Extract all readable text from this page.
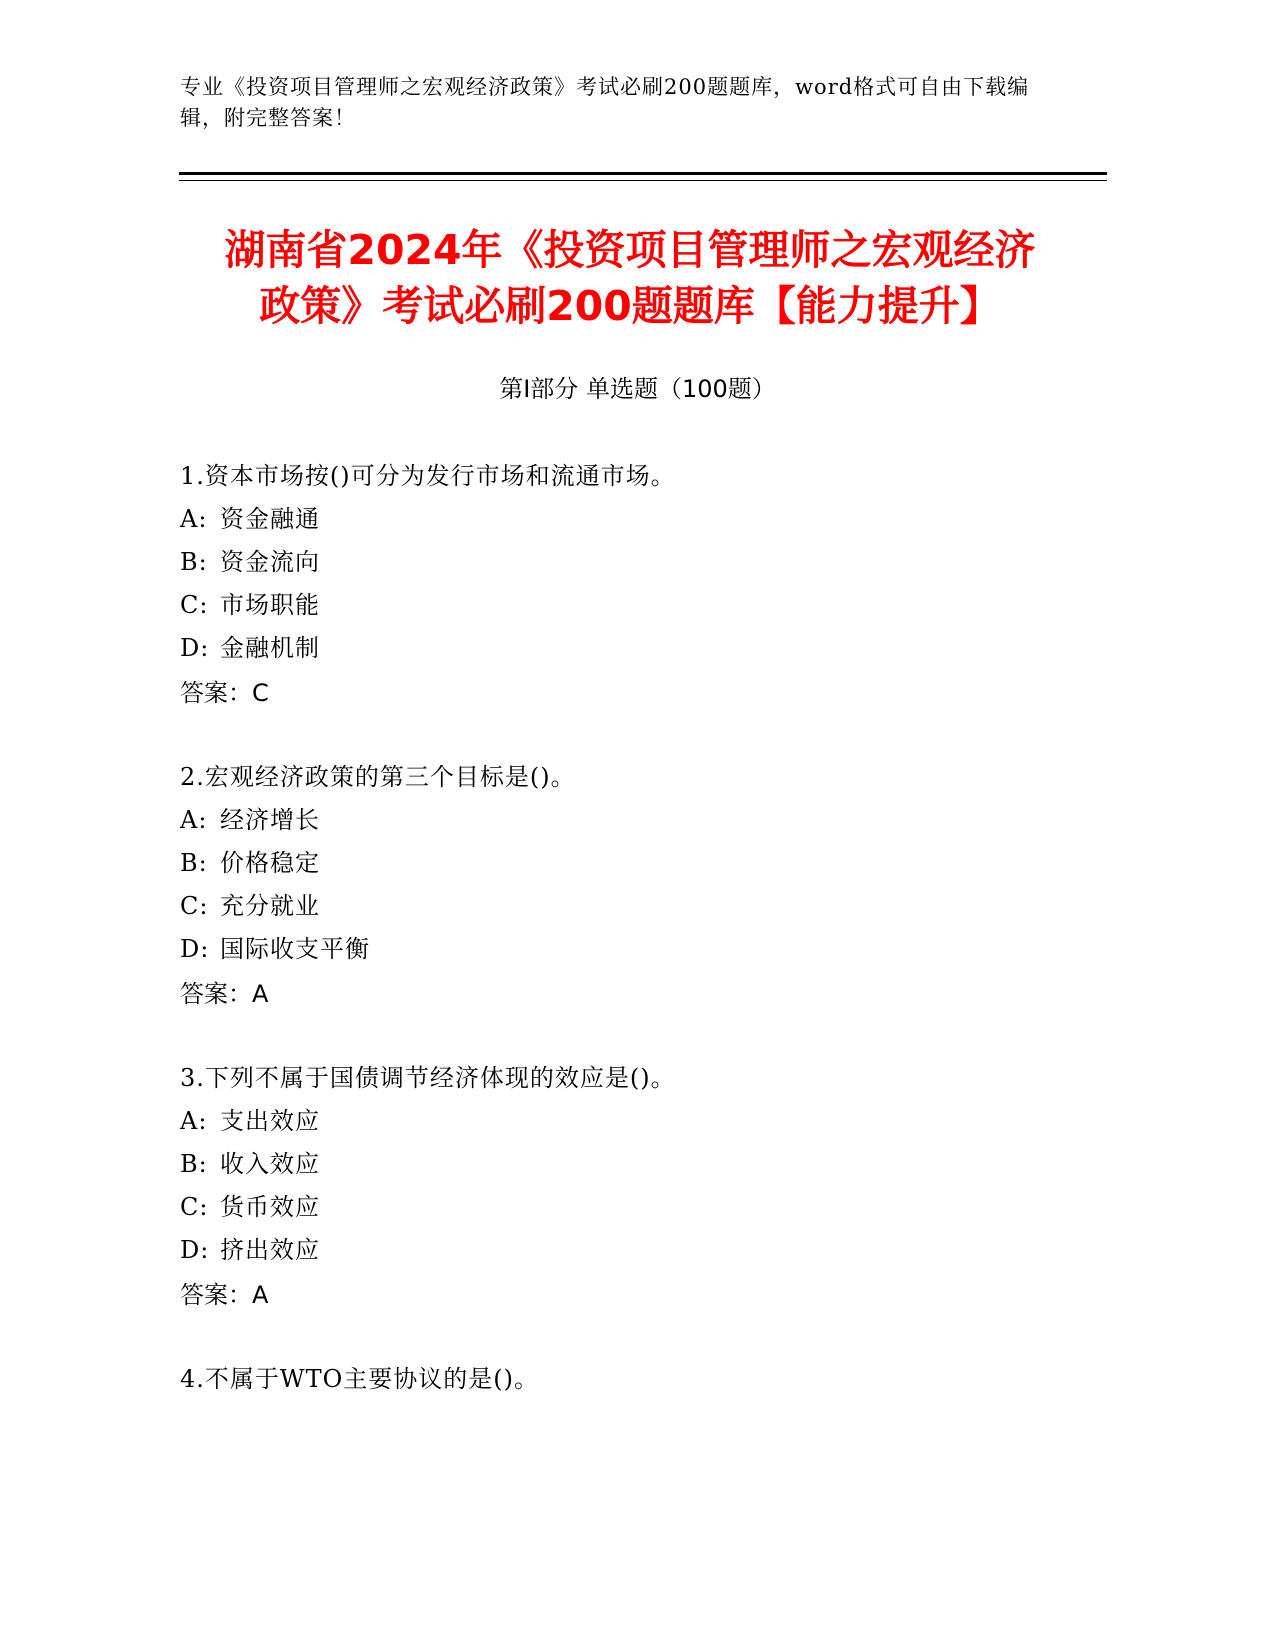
专业《投资项目管理师之宏观经济政策》考试必刷200题题库，word格式可自由下载编辑，附完整答案！
湖南省2024年《投资项目管理师之宏观经济
政策》考试必刷200题题库【能力提升】
第Ⅰ部分 单选题（100题）
1.资本市场按()可分为发行市场和流通市场。
A: 资金融通
B: 资金流向
C: 市场职能
D: 金融机制
答案：C
2.宏观经济政策的第三个目标是()。
A: 经济增长
B: 价格稳定
C: 充分就业
D: 国际收支平衡
答案：A
3.下列不属于国债调节经济体现的效应是()。
A: 支出效应
B: 收入效应
C: 货币效应
D: 挤出效应
答案：A
4.不属于WTO主要协议的是()。
